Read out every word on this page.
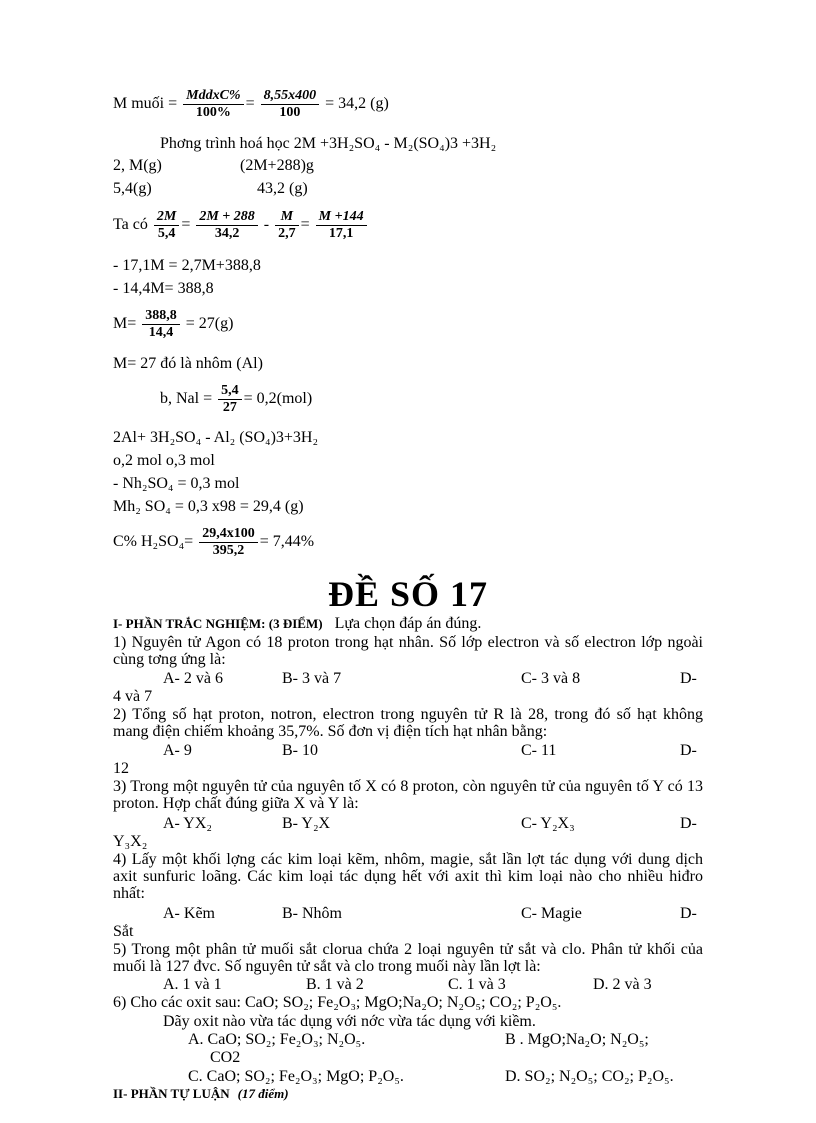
M muối = $\frac{\text{MddxC\%}}{100\%} = \frac{8,55x400}{100} = 34,2$ (g)
Phơng trình hoá học 2M +3H₂SO₄ - M₂(SO₄)3 +3H₂
2, M(g)	(2M+288)g
5,4(g)	43,2 (g)
Ta có $\frac{2M}{5,4} = \frac{2M + 288}{34,2} - \frac{M}{2,7} = \frac{M +144}{17,1}$
- 17,1M = 2,7M+388,8
- 14,4M= 388,8
$M= \frac{388,8}{14,4} = 27(g)$
M= 27 đó là nhôm (Al)
b, Nal = $\frac{5,4}{27} = 0,2(mol)$
2Al+ 3H₂SO₄ - Al₂ (SO₄)3+3H₂
o,2 mol o,3 mol
- Nh₂SO₄ = 0,3 mol
Mh₂ SO₄ = 0,3 x98 = 29,4 (g)
C% $H_2SO_4= \frac{29,4x100}{395,2} = 7,44\%$
ĐỀ SỐ 17
I- PHẦN TRẮC NGHIỆM: (3 ĐIỂM) Lựa chọn đáp án đúng.
1) Nguyên tử Agon có 18 proton trong hạt nhân. Số lớp electron và số electron lớp ngoài cùng tơng ứng là:
A- 2 và 6	B- 3 và 7	C- 3 và 8	D-
4 và 7
2) Tổng số hạt proton, notron, electron trong nguyên tử R là 28, trong đó số hạt không mang điện chiếm khoảng 35,7%. Số đơn vị điện tích hạt nhân bằng:
A- 9	B- 10	C- 11	D-
12
3) Trong một nguyên tử của nguyên tố X có 8 proton, còn nguyên tử của nguyên tố Y có 13 proton. Hợp chất đúng giữa X và Y là:
A- YX₂	B- Y₂X	C- Y₂X₃	D-
Y₃X₂
4) Lấy một khối lợng các kim loại kẽm, nhôm, magie, sắt lần lợt tác dụng với dung dịch axit sunfuric loãng. Các kim loại tác dụng hết với axit thì kim loại nào cho nhiều hiđro nhất:
A- Kẽm	B- Nhôm	C- Magie	D-
Sắt
5) Trong một phân tử muối sắt clorua chứa 2 loại nguyên tử sắt và clo. Phân tử khối của muối là 127 đvc. Số nguyên tử sắt và clo trong muối này lần lợt là:
A. 1 và 1	B. 1 và 2	C. 1 và 3	D. 2 và 3
6) Cho các oxit sau: CaO; SO₂; Fe₂O₃; MgO;Na₂O; N₂O₅; CO₂; P₂O₅.
Dãy oxit nào vừa tác dụng với nớc vừa tác dụng với kiềm.
A. CaO; SO₂; Fe₂O₃; N₂O₅.	B . MgO;Na₂O; N₂O₅;
CO2
C. CaO; SO₂; Fe₂O₃; MgO; P₂O₅.	D. SO₂; N₂O₅; CO₂; P₂O₅.
II- PHẦN TỰ LUẬN (17 điểm)
